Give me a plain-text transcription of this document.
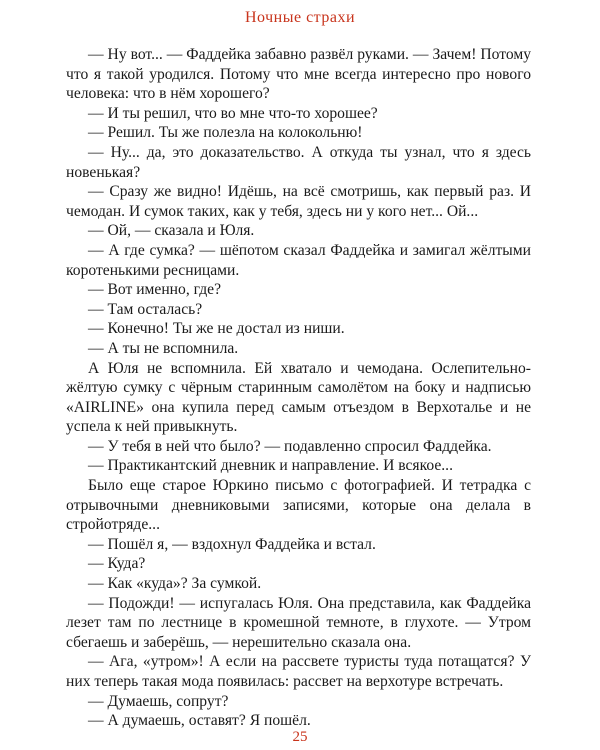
Ночные страхи

— Ну вот... — Фаддейка забавно развёл руками. — Зачем! Потому что я такой уродился. Потому что мне всегда интересно про нового человека: что в нём хорошего?

— И ты решил, что во мне что-то хорошее?

— Решил. Ты же полезла на колокольню!

— Ну... да, это доказательство. А откуда ты узнал, что я здесь новенькая?

— Сразу же видно! Идёшь, на всё смотришь, как первый раз. И чемодан. И сумок таких, как у тебя, здесь ни у кого нет... Ой...

— Ой, — сказала и Юля.

— А где сумка? — шёпотом сказал Фаддейка и замигал жёлтыми коротенькими ресницами.

— Вот именно, где?

— Там осталась?

— Конечно! Ты же не достал из ниши.

— А ты не вспомнила.

А Юля не вспомнила. Ей хватало и чемодана. Ослепительно-жёлтую сумку с чёрным старинным самолётом на боку и надписью «AIRLINE» она купила перед самым отъездом в Верхоталье и не успела к ней привыкнуть.

— У тебя в ней что было? — подавленно спросил Фаддейка.

— Практикантский дневник и направление. И всякое...

Было еще старое Юркино письмо с фотографией. И тетрадка с отрывочными дневниковыми записями, которые она делала в стройотряде...

— Пошёл я, — вздохнул Фаддейка и встал.

— Куда?

— Как «куда»? За сумкой.

— Подожди! — испугалась Юля. Она представила, как Фаддейка лезет там по лестнице в кромешной темноте, в глухоте. — Утром сбегаешь и заберёшь, — нерешительно сказала она.

— Ага, «утром»! А если на рассвете туристы туда потащатся? У них теперь такая мода появилась: рассвет на верхотуре встречать.

— Думаешь, сопрут?

— А думаешь, оставят? Я пошёл.

25
